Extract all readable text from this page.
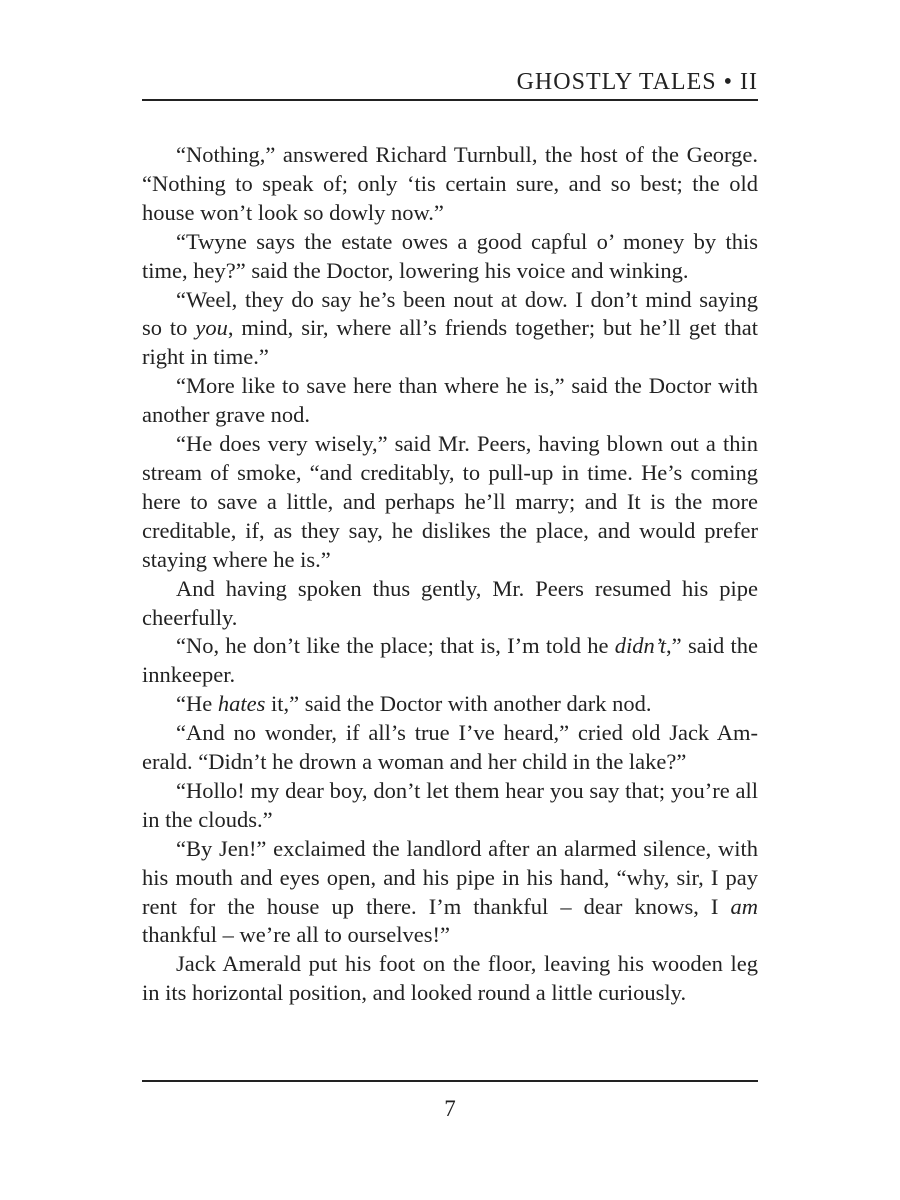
GHOSTLY TALES • II

“Nothing,” answered Richard Turnbull, the host of the George. “Nothing to speak of; only ‘tis certain sure, and so best; the old house won’t look so dowly now.”

“Twyne says the estate owes a good capful o’ money by this time, hey?” said the Doctor, lowering his voice and winking.

“Weel, they do say he’s been nout at dow. I don’t mind saying so to you, mind, sir, where all’s friends together; but he’ll get that right in time.”

“More like to save here than where he is,” said the Doctor with another grave nod.

“He does very wisely,” said Mr. Peers, having blown out a thin stream of smoke, “and creditably, to pull-up in time. He’s coming here to save a little, and perhaps he’ll marry; and It is the more creditable, if, as they say, he dislikes the place, and would prefer staying where he is.”

And having spoken thus gently, Mr. Peers resumed his pipe cheerfully.

“No, he don’t like the place; that is, I’m told he didn’t,” said the innkeeper.

“He hates it,” said the Doctor with another dark nod.

“And no wonder, if all’s true I’ve heard,” cried old Jack Amerald. “Didn’t he drown a woman and her child in the lake?”

“Hollo! my dear boy, don’t let them hear you say that; you’re all in the clouds.”

“By Jen!” exclaimed the landlord after an alarmed silence, with his mouth and eyes open, and his pipe in his hand, “why, sir, I pay rent for the house up there. I’m thankful – dear knows, I am thankful – we’re all to ourselves!”

Jack Amerald put his foot on the floor, leaving his wooden leg in its horizontal position, and looked round a little curiously.

7
